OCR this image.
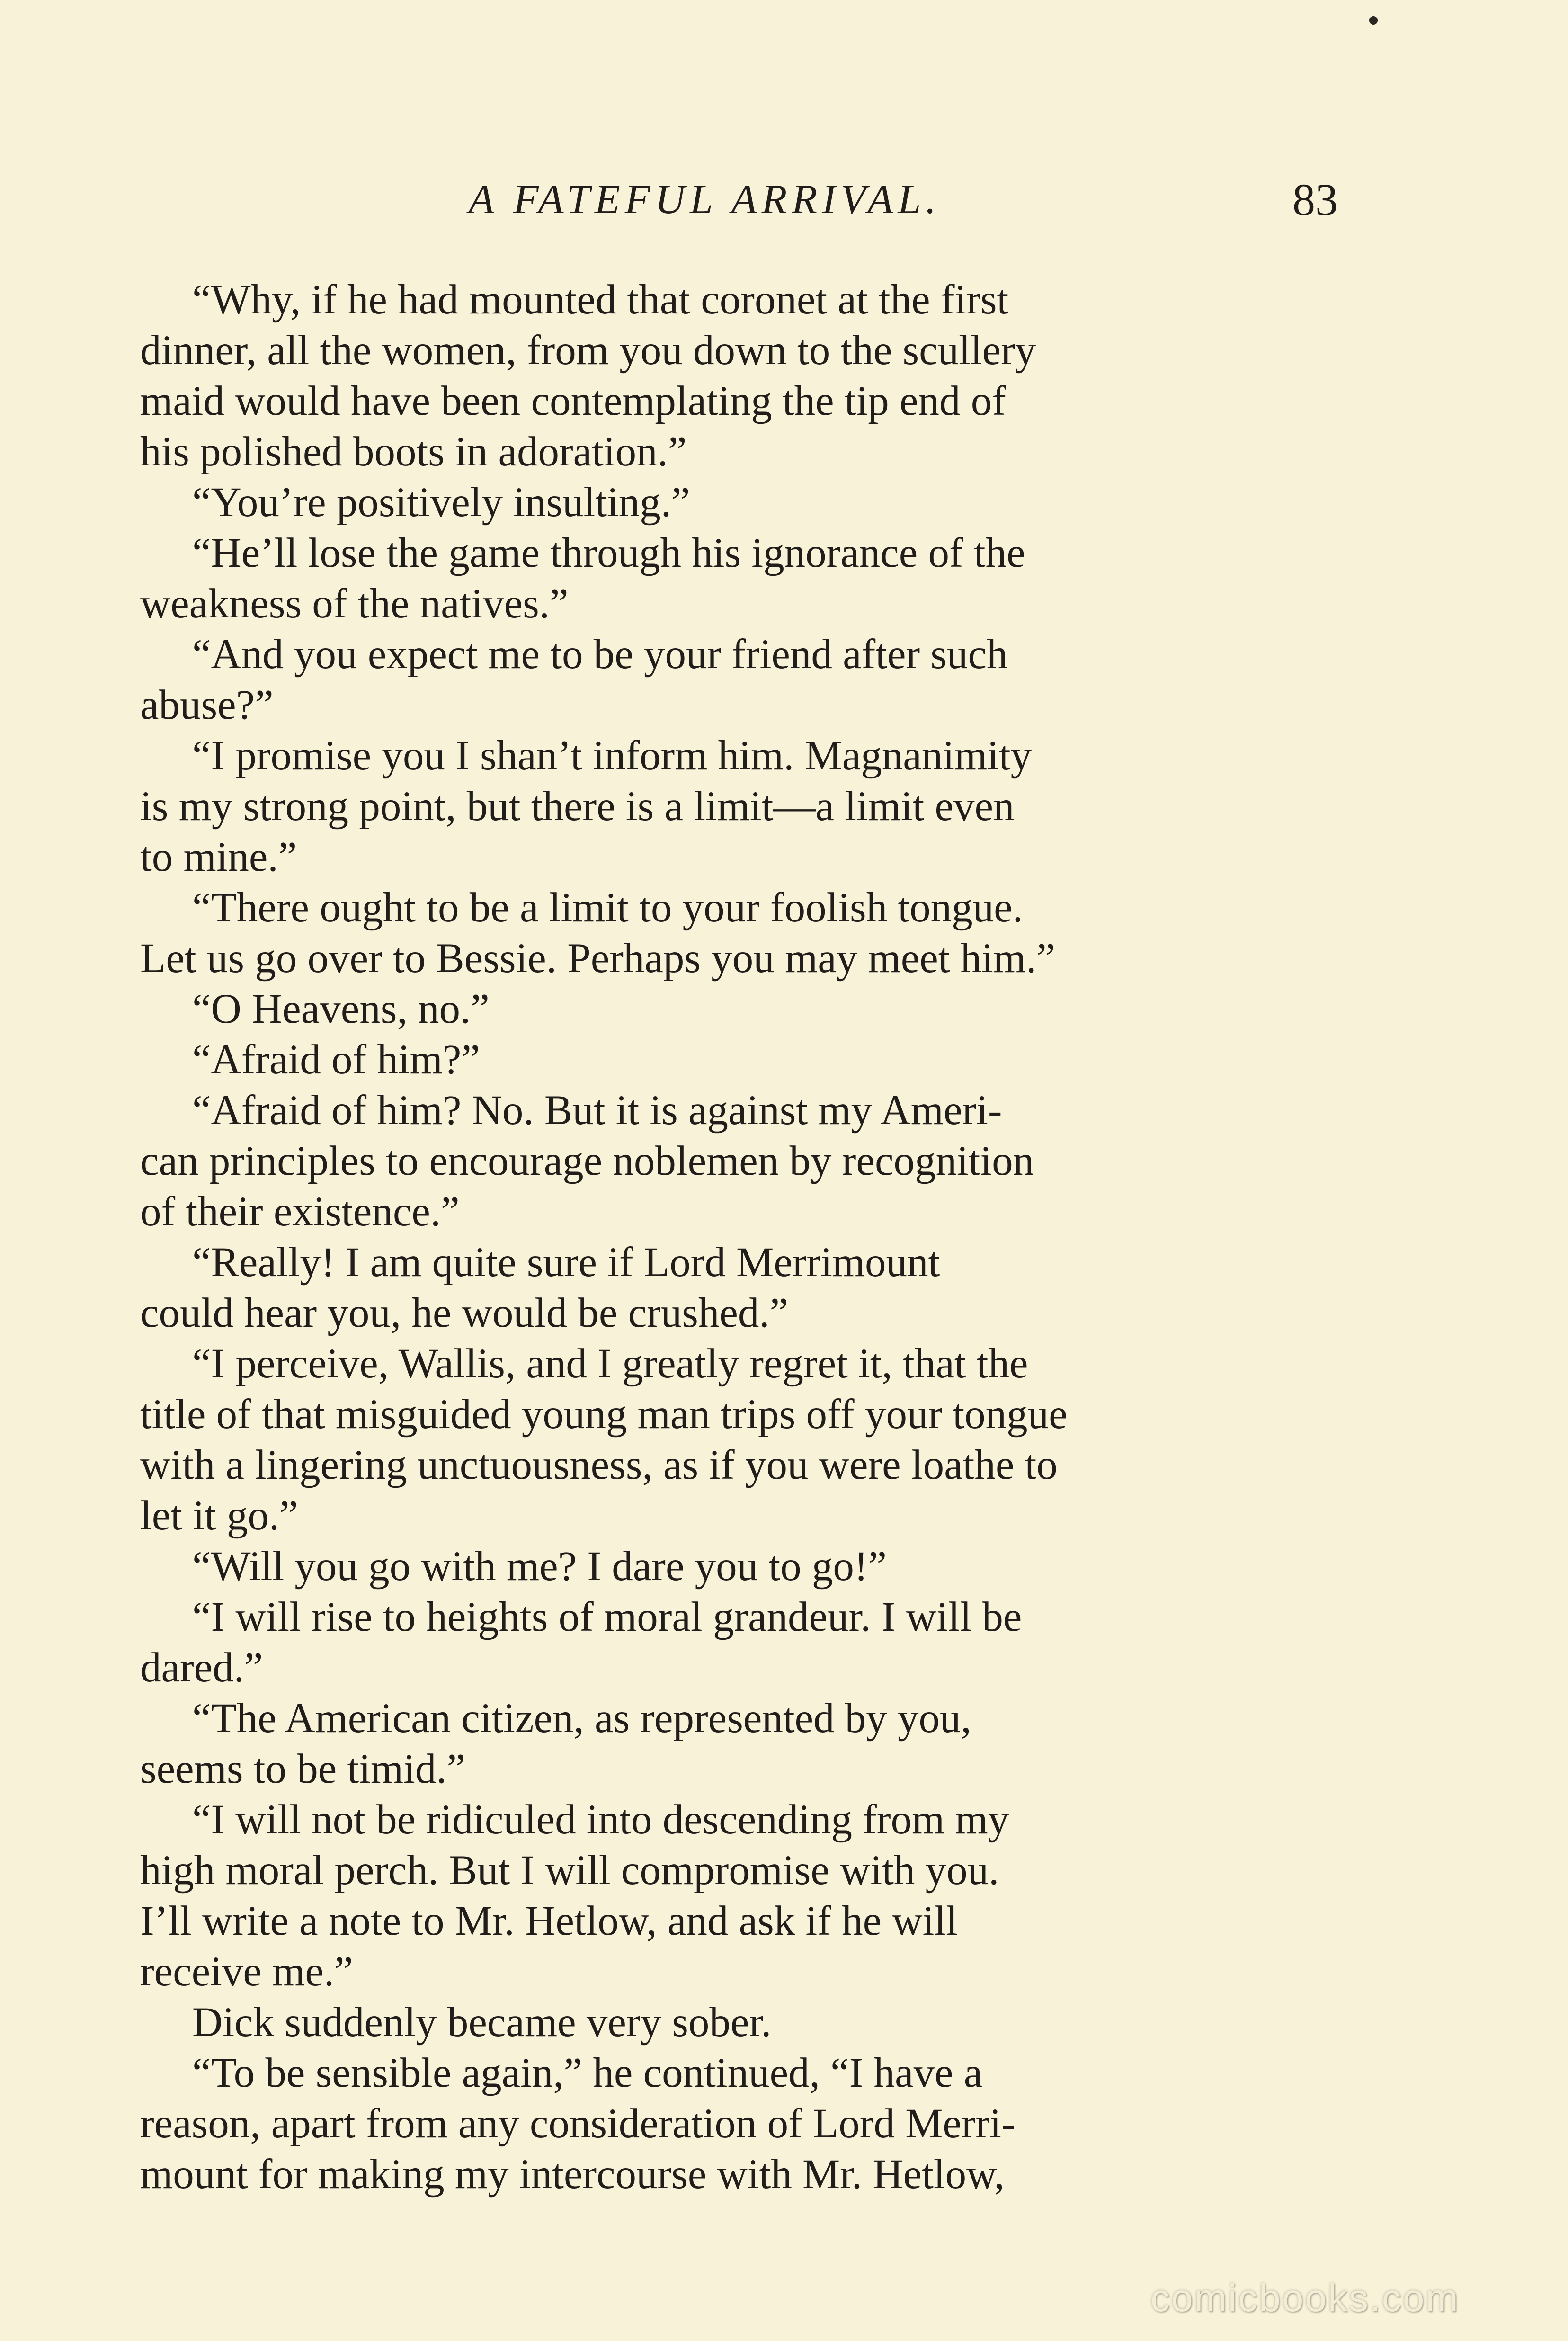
A FATEFUL ARRIVAL.	83
“Why, if he had mounted that coronet at the first
dinner, all the women, from you down to the scullery
maid would have been contemplating the tip end of
his polished boots in adoration.”
“You’re positively insulting.”
“He’ll lose the game through his ignorance of the
weakness of the natives.”
“And you expect me to be your friend after such
abuse?”
“I promise you I shan’t inform him. Magnanimity
is my strong point, but there is a limit—a limit even
to mine.”
“There ought to be a limit to your foolish tongue.
Let us go over to Bessie. Perhaps you may meet him.”
“O Heavens, no.”
“Afraid of him?”
“Afraid of him? No. But it is against my Ameri-
can principles to encourage noblemen by recognition
of their existence.”
“Really! I am quite sure if Lord Merrimount
could hear you, he would be crushed.”
“I perceive, Wallis, and I greatly regret it, that the
title of that misguided young man trips off your tongue
with a lingering unctuousness, as if you were loathe to
let it go.”
“Will you go with me? I dare you to go!”
“I will rise to heights of moral grandeur. I will be
dared.”
“The American citizen, as represented by you,
seems to be timid.”
“I will not be ridiculed into descending from my
high moral perch. But I will compromise with you.
I’ll write a note to Mr. Hetlow, and ask if he will
receive me.”
Dick suddenly became very sober.
“To be sensible again,” he continued, “I have a
reason, apart from any consideration of Lord Merri-
mount for making my intercourse with Mr. Hetlow,
comicbooks.com
